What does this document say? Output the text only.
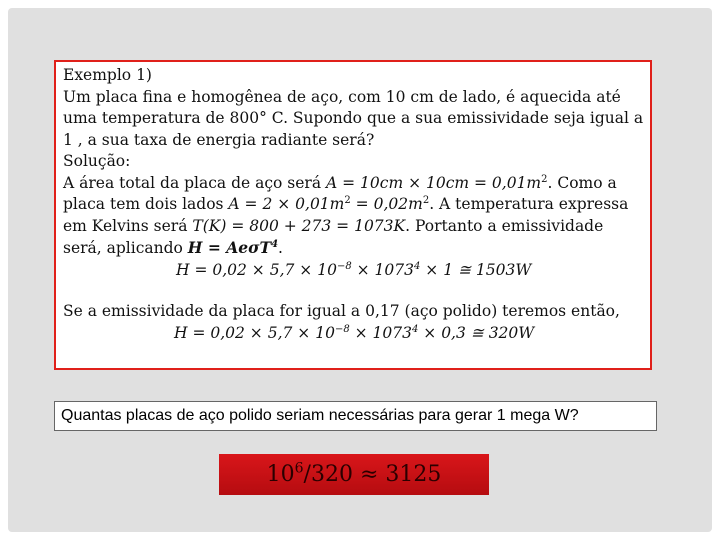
Exemplo 1)
Um placa fina e homogênea de aço, com 10 cm de lado, é aquecida até
uma temperatura de 800° C. Supondo que a sua emissividade seja igual a
1 , a sua taxa de energia radiante será?
Solução:
A área total da placa de aço será $A = 10cm \times 10cm = 0,01m^2$. Como a
placa tem dois lados $A = 2 \times 0,01m^2 = 0,02m^2$. A temperatura expressa
em Kelvins será T(K) = 800 + 273 = 1073K. Portanto a emissividade
será, aplicando H = AeσT$^4$.
$H = 0,02 \times 5,7 \times 10^{-8} \times 1073^4 \times 1$ ≅ 1503W
Se a emissividade da placa for igual a 0,17 (aço polido) teremos então,
$H = 0,02 \times 5,7 \times 10^{-8} \times 1073^4 \times 0,3$ ≅ 320W
Quantas placas de aço polido seriam necessárias para gerar 1 mega W?
$10^6/320 \approx 3125$
